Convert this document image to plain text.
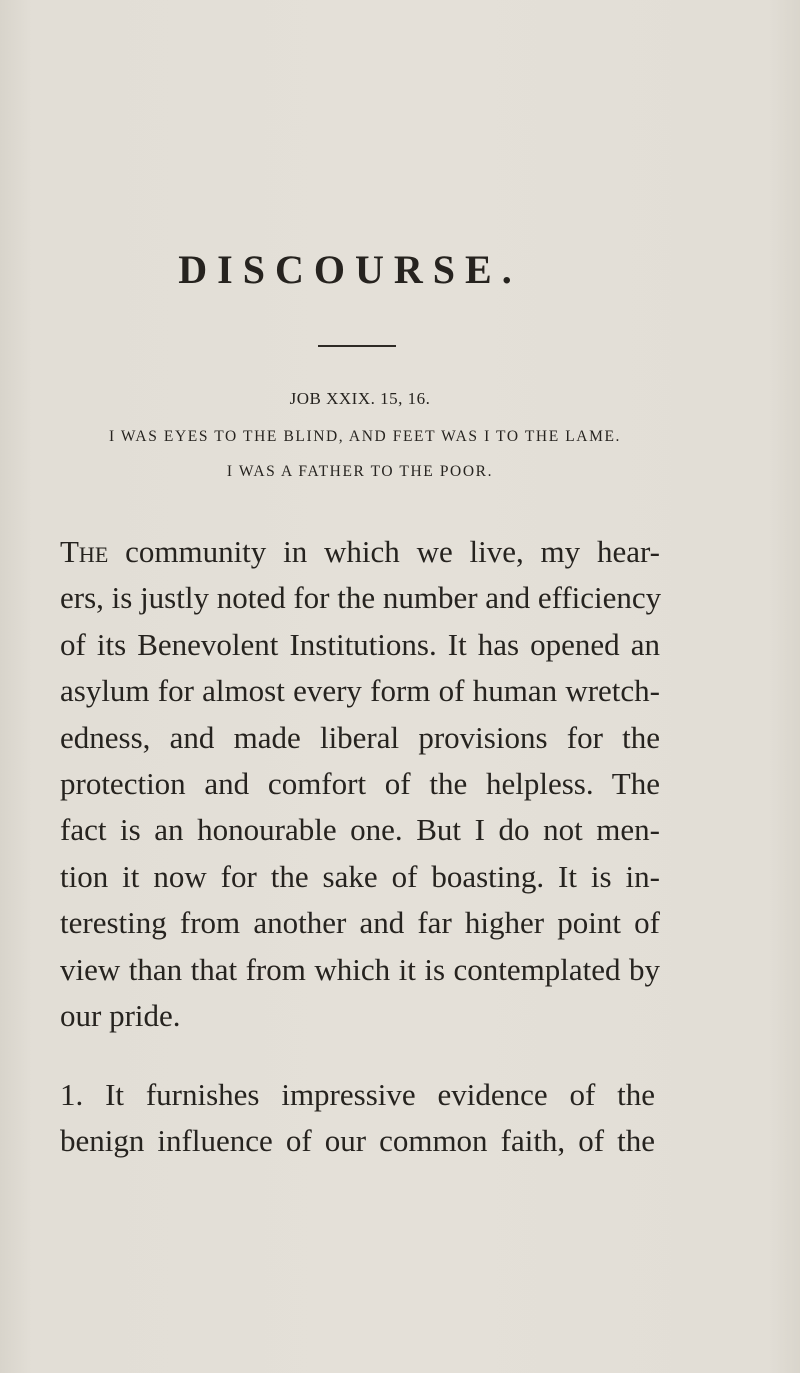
DISCOURSE.
JOB XXIX. 15, 16.
I WAS EYES TO THE BLIND, AND FEET WAS I TO THE LAME.
I WAS A FATHER TO THE POOR.
The community in which we live, my hear-
ers, is justly noted for the number and efficiency
of its Benevolent Institutions. It has opened an
asylum for almost every form of human wretch-
edness, and made liberal provisions for the
protection and comfort of the helpless. The
fact is an honourable one. But I do not men-
tion it now for the sake of boasting. It is in-
teresting from another and far higher point of
view than that from which it is contemplated by
our pride.
1. It furnishes impressive evidence of the
benign influence of our common faith, of the
